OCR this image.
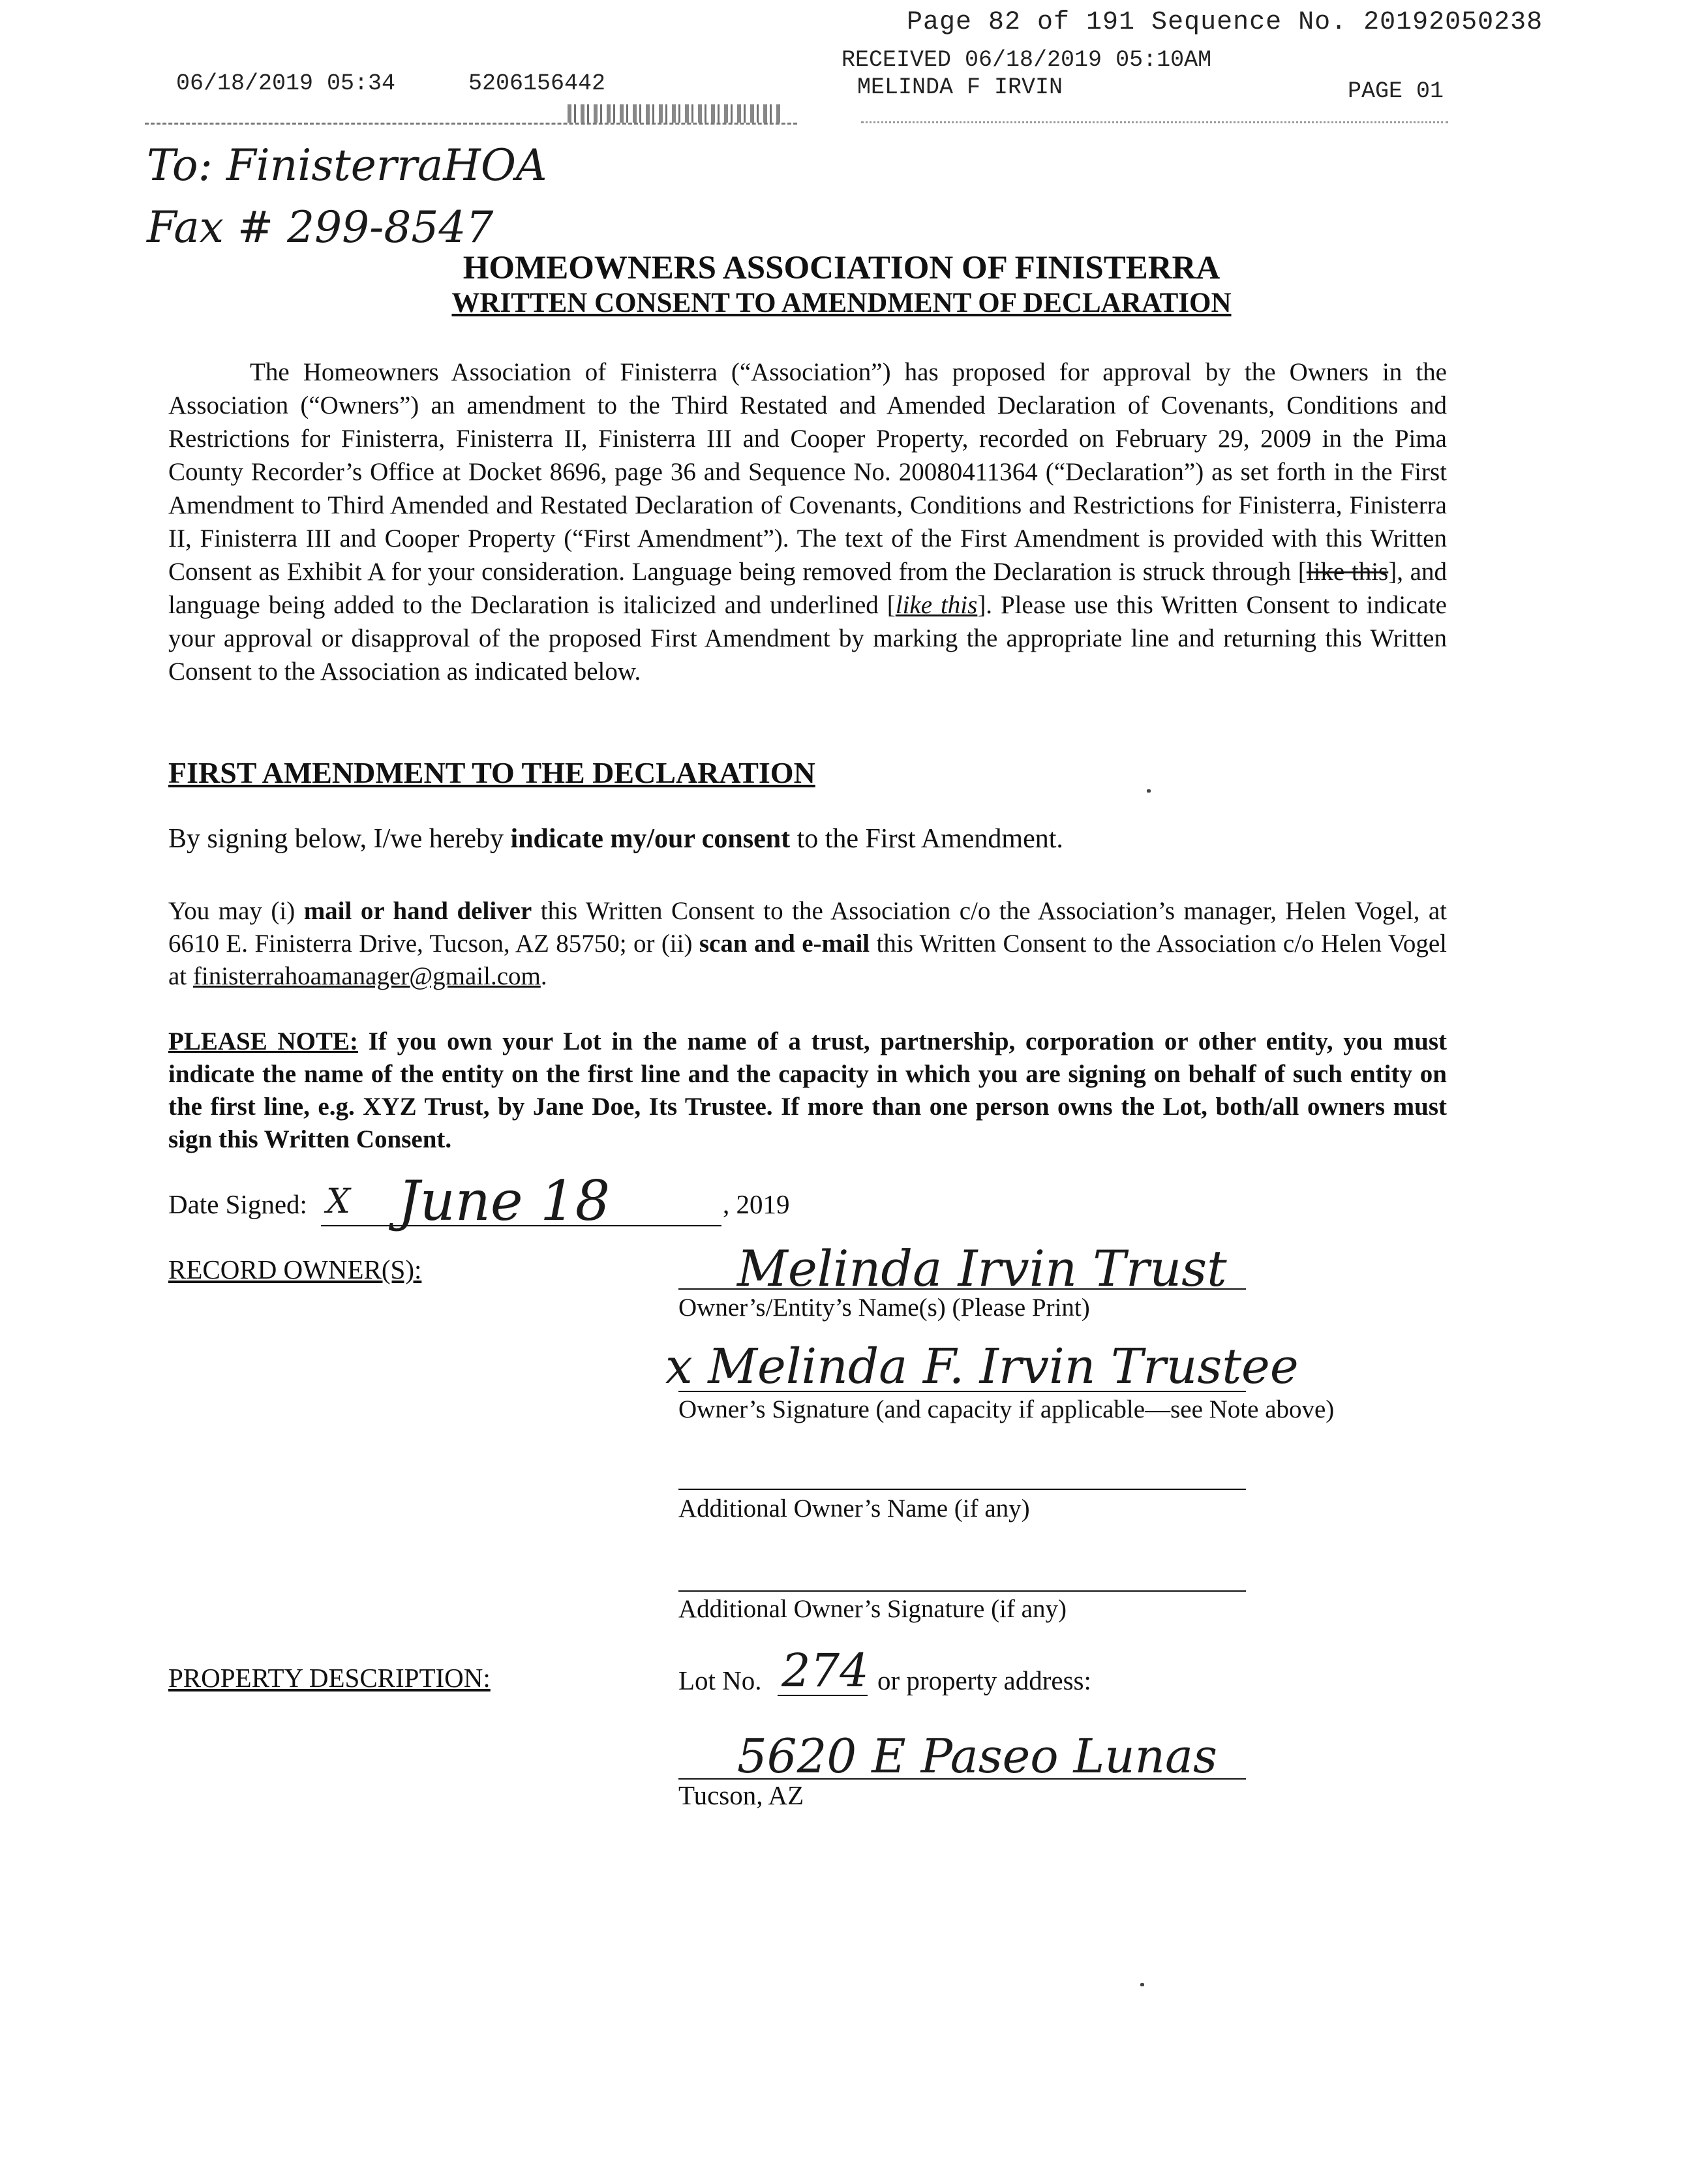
Page 82 of 191 Sequence No. 20192050238
06/18/2019 05:34	5206156442
RECEIVED 06/18/2019 05:10AM
MELINDA F IRVIN	PAGE 01
To: FinisterraHOA
Fax # 299-8547
HOMEOWNERS ASSOCIATION OF FINISTERRA
WRITTEN CONSENT TO AMENDMENT OF DECLARATION
The Homeowners Association of Finisterra (“Association”) has proposed for approval by the Owners in the Association (“Owners”) an amendment to the Third Restated and Amended Declaration of Covenants, Conditions and Restrictions for Finisterra, Finisterra II, Finisterra III and Cooper Property, recorded on February 29, 2009 in the Pima County Recorder’s Office at Docket 8696, page 36 and Sequence No. 20080411364 (“Declaration”) as set forth in the First Amendment to Third Amended and Restated Declaration of Covenants, Conditions and Restrictions for Finisterra, Finisterra II, Finisterra III and Cooper Property (“First Amendment”). The text of the First Amendment is provided with this Written Consent as Exhibit A for your consideration. Language being removed from the Declaration is struck through [like this], and language being added to the Declaration is italicized and underlined [like this]. Please use this Written Consent to indicate your approval or disapproval of the proposed First Amendment by marking the appropriate line and returning this Written Consent to the Association as indicated below.
FIRST AMENDMENT TO THE DECLARATION
By signing below, I/we hereby indicate my/our consent to the First Amendment.
You may (i) mail or hand deliver this Written Consent to the Association c/o the Association’s manager, Helen Vogel, at 6610 E. Finisterra Drive, Tucson, AZ 85750; or (ii) scan and e-mail this Written Consent to the Association c/o Helen Vogel at finisterrahoamanager@gmail.com.
PLEASE NOTE: If you own your Lot in the name of a trust, partnership, corporation or other entity, you must indicate the name of the entity on the first line and the capacity in which you are signing on behalf of such entity on the first line, e.g. XYZ Trust, by Jane Doe, Its Trustee. If more than one person owns the Lot, both/all owners must sign this Written Consent.
Date Signed: X June 18	, 2019
RECORD OWNER(S):	Melinda Irvin Trust
Owner’s/Entity’s Name(s) (Please Print)
x Melinda F. Irvin Trustee
Owner’s Signature (and capacity if applicable—see Note above)
Additional Owner’s Name (if any)
Additional Owner’s Signature (if any)
PROPERTY DESCRIPTION:	Lot No. 274 or property address:
5620 E Paseo Lunas
Tucson, AZ
